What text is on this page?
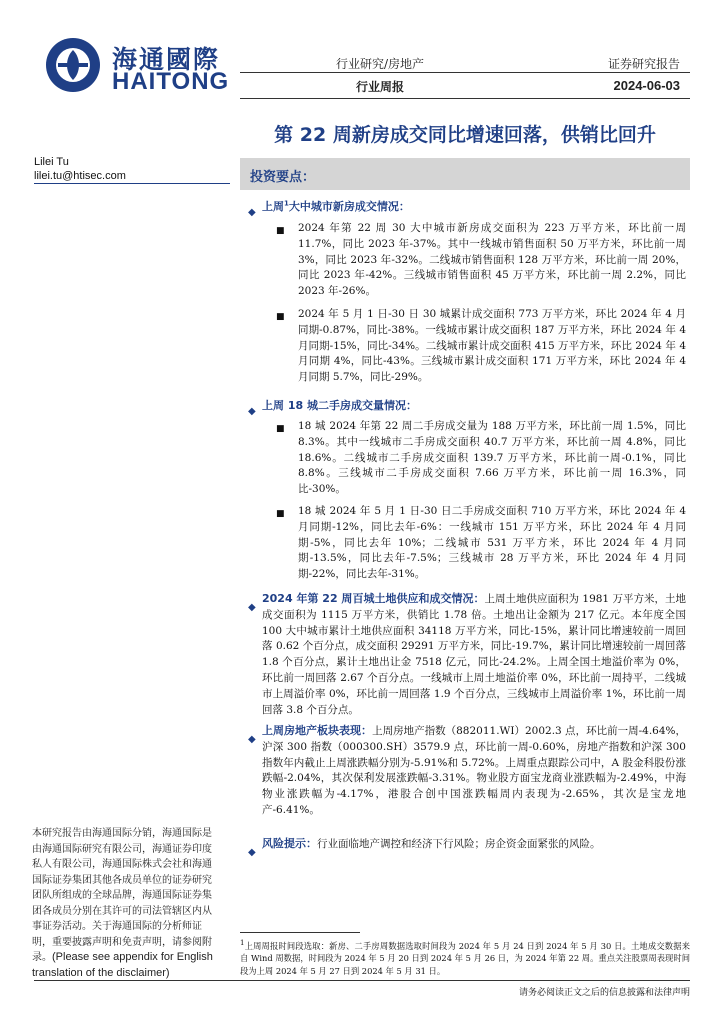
海通國際
HAITONG
行业研究/房地产	证券研究报告
行业周报	2024-06-03
第 22 周新房成交同比增速回落，供销比回升
Lilei Tu
lilei.tu@htisec.com	投资要点：
◆ 上周$^1$大中城市新房成交情况：
■ 2024 年第 22 周 30 大中城市新房成交面积为 223 万平方米，环比前一周 11.7%，同比 2023 年-37%。其中一线城市销售面积 50 万平方米，环比前一周 3%，同比 2023 年-32%。二线城市销售面积 128 万平方米，环比前一周 20%，同比 2023 年-42%。三线城市销售面积 45 万平方米，环比前一周 2.2%，同比 2023 年-26%。
■ 2024 年 5 月 1 日-30 日 30 城累计成交面积 773 万平方米，环比 2024 年 4 月同期-0.87%，同比-38%。一线城市累计成交面积 187 万平方米，环比 2024 年 4 月同期-15%，同比-34%。二线城市累计成交面积 415 万平方米，环比 2024 年 4 月同期 4%，同比-43%。三线城市累计成交面积 171 万平方米，环比 2024 年 4 月同期 5.7%，同比-29%。
◆ 上周 18 城二手房成交量情况：
■ 18 城 2024 年第 22 周二手房成交量为 188 万平方米，环比前一周 1.5%，同比 8.3%。其中一线城市二手房成交面积 40.7 万平方米，环比前一周 4.8%，同比 18.6%。二线城市二手房成交面积 139.7 万平方米，环比前一周-0.1%，同比 8.8%。三线城市二手房成交面积 7.66 万平方米，环比前一周 16.3%，同比-30%。
■ 18 城 2024 年 5 月 1 日-30 日二手房成交面积 710 万平方米，环比 2024 年 4 月同期-12%，同比去年-6%：一线城市 151 万平方米，环比 2024 年 4 月同期-5%，同比去年 10%；二线城市 531 万平方米，环比 2024 年 4 月同期-13.5%，同比去年-7.5%；三线城市 28 万平方米，环比 2024 年 4 月同期-22%，同比去年-31%。
◆
2024 年第 22 周百城土地供应和成交情况：上周土地供应面积为 1981 万平方米，土地成交面积为 1115 万平方米，供销比 1.78 倍。土地出让金额为 217 亿元。本年度全国 100 大中城市累计土地供应面积 34118 万平方米，同比-15%，累计同比增速较前一周回落 0.62 个百分点，成交面积 29291 万平方米，同比-19.7%，累计同比增速较前一周回落 1.8 个百分点，累计土地出让金 7518 亿元，同比-24.2%。上周全国土地溢价率为 0%，环比前一周回落 2.67 个百分点。一线城市上周土地溢价率 0%，环比前一周持平，二线城市上周溢价率 0%，环比前一周回落 1.9 个百分点，三线城市上周溢价率 1%，环比前一周回落 3.8 个百分点。
◆
上周房地产板块表现：上周房地产指数（882011.WI）2002.3 点，环比前一周-4.64%，沪深 300 指数（000300.SH）3579.9 点，环比前一周-0.60%，房地产指数和沪深 300 指数年内截止上周涨跌幅分别为-5.91%和 5.72%。上周重点跟踪公司中，A 股金科股份涨跌幅-2.04%，其次保利发展涨跌幅-3.31%。物业股方面宝龙商业涨跌幅为-2.49%，中海物业涨跌幅为-4.17%，港股合创中国涨跌幅周内表现为-2.65%，其次是宝龙地产-6.41%。
◆
风险提示：行业面临地产调控和经济下行风险；房企资金面紧张的风险。
本研究报告由海通国际分销，海通国际是由海通国际研究有限公司，海通证券印度私人有限公司，海通国际株式会社和海通国际证券集团其他各成员单位的证券研究团队所组成的全球品牌，海通国际证券集团各成员分别在其许可的司法管辖区内从事证券活动。关于海通国际的分析师证明，重要披露声明和免责声明，请参阅附录。(Please see appendix for English translation of the disclaimer)
$^1$上周周报时间段选取：新房、二手房周数据选取时间段为 2024 年 5 月 24 日到 2024 年 5 月 30 日。土地成交数据来自 Wind 周数据，时间段为 2024 年 5 月 20 日到 2024 年 5 月 26 日，为 2024 年第 22 周。重点关注股票周表现时间段为上周 2024 年 5 月 27 日到 2024 年 5 月 31 日。
请务必阅读正文之后的信息披露和法律声明
